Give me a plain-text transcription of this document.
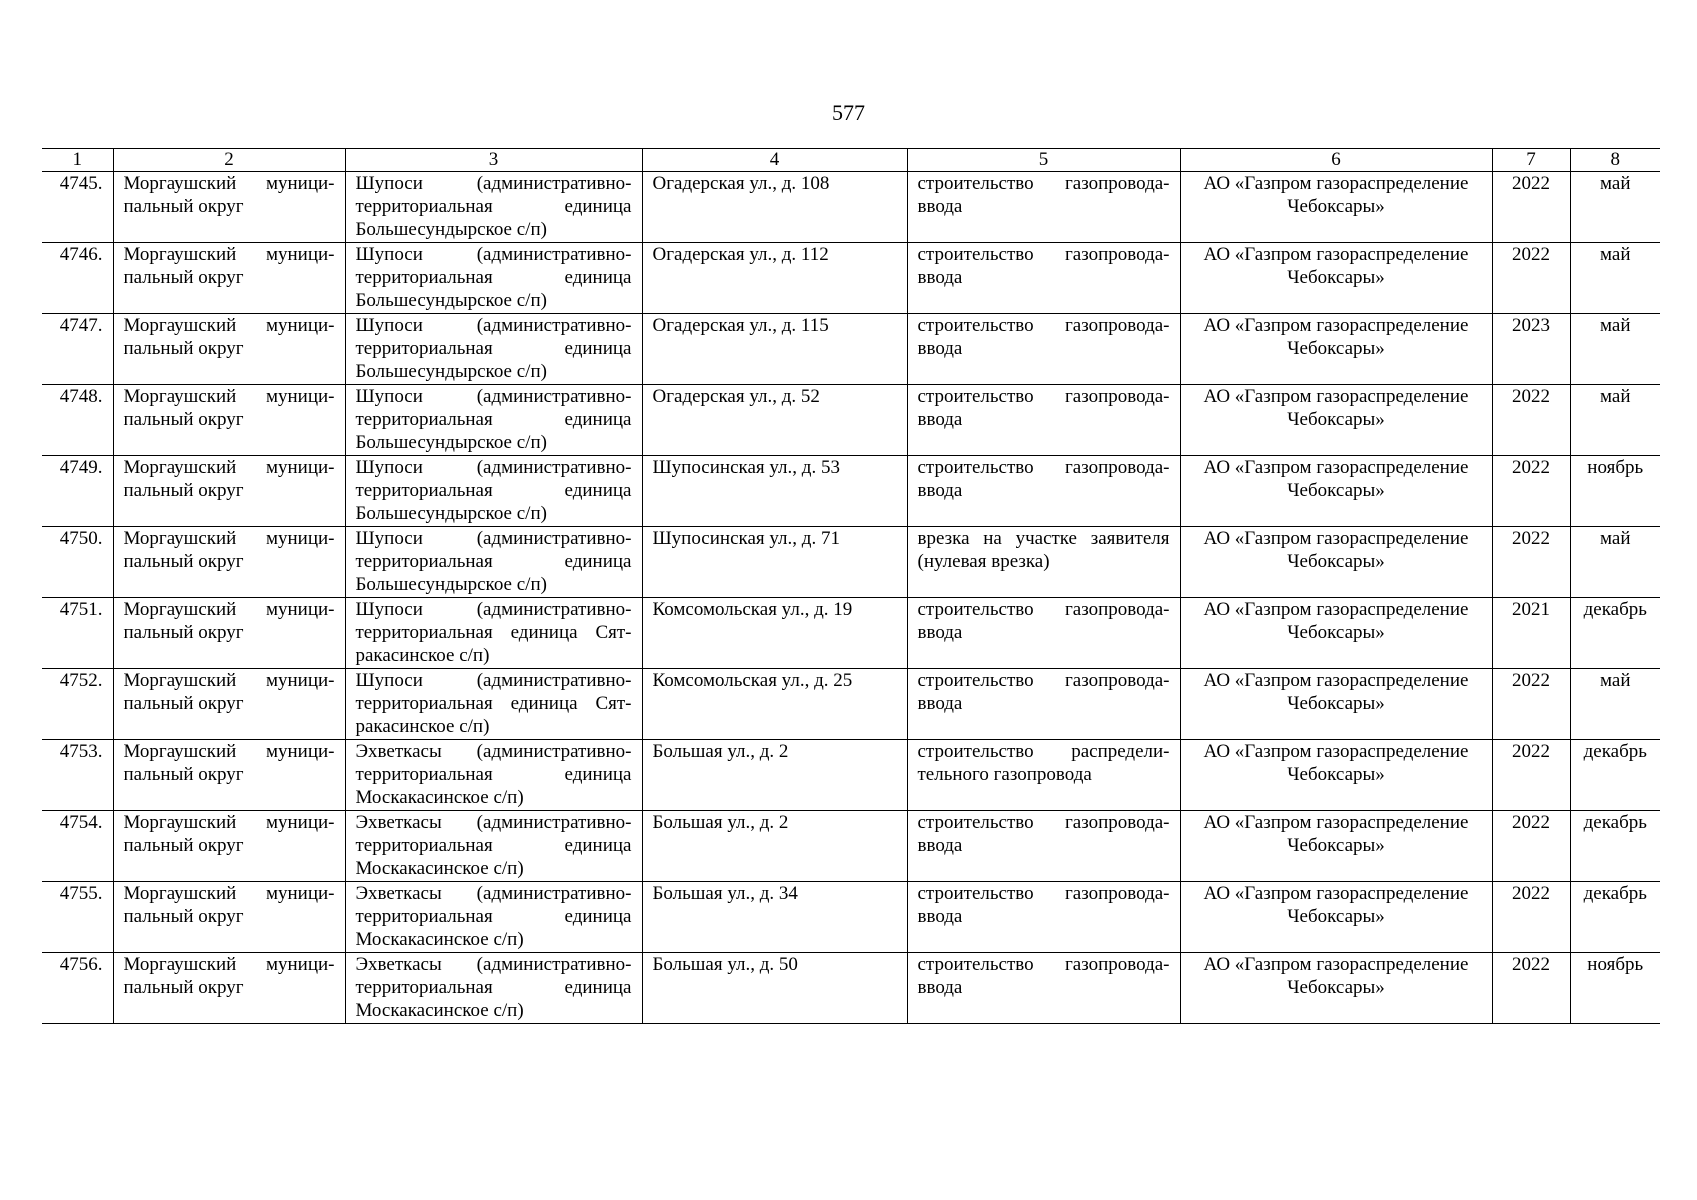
577
1	2	3	4	5	6	7	8
4745.	Моргаушский муници-пальный округ	Шупоси (административно-территориальная единица Большесундырское с/п)	Огадерская ул., д. 108	строительство газопровода-ввода	АО «Газпром газораспределение Чебоксары»	2022	май
4746.	Моргаушский муници-пальный округ	Шупоси (административно-территориальная единица Большесундырское с/п)	Огадерская ул., д. 112	строительство газопровода-ввода	АО «Газпром газораспределение Чебоксары»	2022	май
4747.	Моргаушский муници-пальный округ	Шупоси (административно-территориальная единица Большесундырское с/п)	Огадерская ул., д. 115	строительство газопровода-ввода	АО «Газпром газораспределение Чебоксары»	2023	май
4748.	Моргаушский муници-пальный округ	Шупоси (административно-территориальная единица Большесундырское с/п)	Огадерская ул., д. 52	строительство газопровода-ввода	АО «Газпром газораспределение Чебоксары»	2022	май
4749.	Моргаушский муници-пальный округ	Шупоси (административно-территориальная единица Большесундырское с/п)	Шупосинская ул., д. 53	строительство газопровода-ввода	АО «Газпром газораспределение Чебоксары»	2022	ноябрь
4750.	Моргаушский муници-пальный округ	Шупоси (административно-территориальная единица Большесундырское с/п)	Шупосинская ул., д. 71	врезка на участке заявителя (нулевая врезка)	АО «Газпром газораспределение Чебоксары»	2022	май
4751.	Моргаушский муници-пальный округ	Шупоси (административно-территориальная единица Сят-ракасинское с/п)	Комсомольская ул., д. 19	строительство газопровода-ввода	АО «Газпром газораспределение Чебоксары»	2021	декабрь
4752.	Моргаушский муници-пальный округ	Шупоси (административно-территориальная единица Сят-ракасинское с/п)	Комсомольская ул., д. 25	строительство газопровода-ввода	АО «Газпром газораспределение Чебоксары»	2022	май
4753.	Моргаушский муници-пальный округ	Эхветкасы (административно-территориальная единица Москакасинское с/п)	Большая ул., д. 2	строительство распредели-тельного газопровода	АО «Газпром газораспределение Чебоксары»	2022	декабрь
4754.	Моргаушский муници-пальный округ	Эхветкасы (административно-территориальная единица Москакасинское с/п)	Большая ул., д. 2	строительство газопровода-ввода	АО «Газпром газораспределение Чебоксары»	2022	декабрь
4755.	Моргаушский муници-пальный округ	Эхветкасы (административно-территориальная единица Москакасинское с/п)	Большая ул., д. 34	строительство газопровода-ввода	АО «Газпром газораспределение Чебоксары»	2022	декабрь
4756.	Моргаушский муници-пальный округ	Эхветкасы (административно-территориальная единица Москакасинское с/п)	Большая ул., д. 50	строительство газопровода-ввода	АО «Газпром газораспределение Чебоксары»	2022	ноябрь
